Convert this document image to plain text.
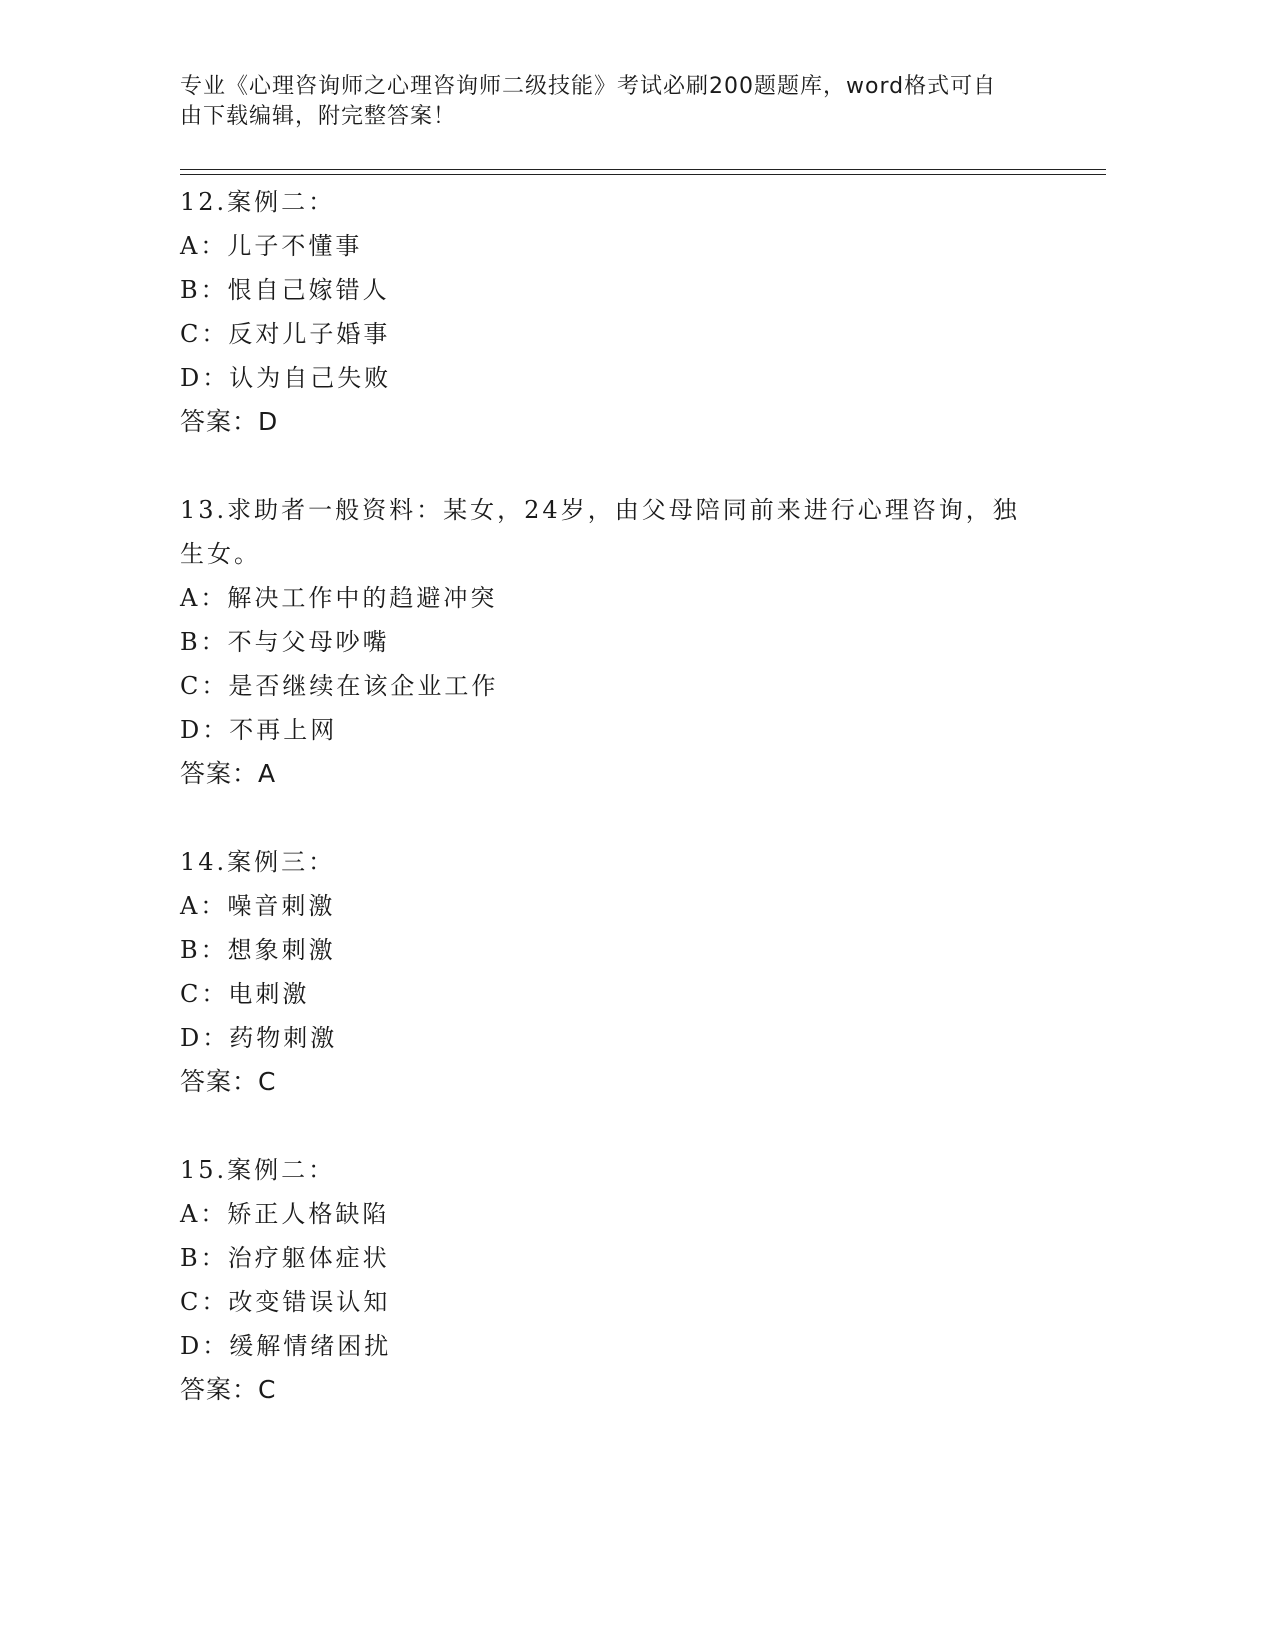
专业《心理咨询师之心理咨询师二级技能》考试必刷200题题库，word格式可自
由下载编辑，附完整答案！
12.案例二：
A：儿子不懂事
B：恨自己嫁错人
C：反对儿子婚事
D：认为自己失败
答案：D
13.求助者一般资料：某女，24岁，由父母陪同前来进行心理咨询，独
生女。
A：解决工作中的趋避冲突
B：不与父母吵嘴
C：是否继续在该企业工作
D：不再上网
答案：A
14.案例三：
A：噪音刺激
B：想象刺激
C：电刺激
D：药物刺激
答案：C
15.案例二：
A：矫正人格缺陷
B：治疗躯体症状
C：改变错误认知
D：缓解情绪困扰
答案：C
